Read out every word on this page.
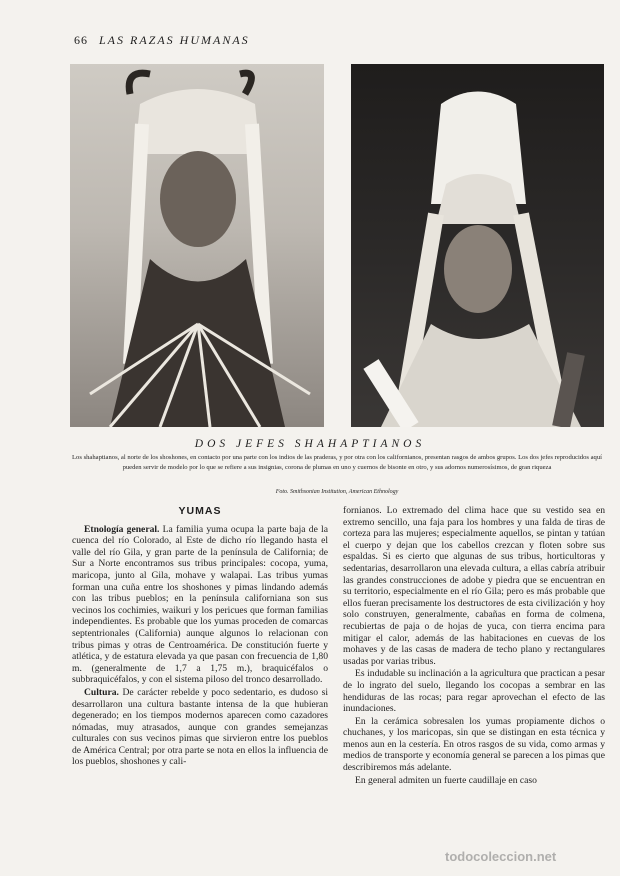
66 LAS RAZAS HUMANAS
DOS JEFES SHAHAPTIANOS
Los shahaptianos, al norte de los shoshones, en contacto por una parte con los indios de las praderas, y por otra con los californianos, presentan rasgos de ambos grupos. Los dos jefes reproducidos aquí pueden servir de modelo por lo que se refiere a sus insignias, corona de plumas en uno y cuernos de bisonte en otro, y sus adornos numerosísimos, de gran riqueza
Foto. Smithsonian Institution, American Ethnology
YUMAS

Etnología general. La familia yuma ocupa la parte baja de la cuenca del río Colorado, al Este de dicho río llegando hasta el valle del río Gila, y gran parte de la península de California; de Sur a Norte encontramos sus tribus principales: cocopa, yuma, maricopa, junto al Gila, mohave y walapai. Las tribus yumas forman una cuña entre los shoshones y pimas lindando además con las tribus pueblos; en la península californiana son sus vecinos los cochimies, waikuri y los pericues que forman familias independientes. Es probable que los yumas proceden de comarcas septentrionales (California) aunque algunos lo relacionan con tribus pimas y otras de Centroamérica. De constitución fuerte y atlética, y de estatura elevada ya que pasan con frecuencia de 1,80 m. (generalmente de 1,7 a 1,75 m.), braquicéfalos o subbraquicéfalos, y con el sistema piloso del tronco desarrollado.

Cultura. De carácter rebelde y poco sedentario, es dudoso si desarrollaron una cultura bastante intensa de la que hubieran degenerado; en los tiempos modernos aparecen como cazadores nómadas, muy atrasados, aunque con grandes semejanzas culturales con sus vecinos pimas que sirvieron entre los pueblos de América Central; por otra parte se nota en ellos la influencia de los pueblos, shoshones y cali-

fornianos. Lo extremado del clima hace que su vestido sea en extremo sencillo, una faja para los hombres y una falda de tiras de corteza para las mujeres; especialmente aquellos, se pintan y tatúan el cuerpo y dejan que los cabellos crezcan y floten sobre sus espaldas. Si es cierto que algunas de sus tribus, horticultoras y sedentarias, desarrollaron una elevada cultura, a ellas cabría atribuir las grandes construcciones de adobe y piedra que se encuentran en su territorio, especialmente en el río Gila; pero es más probable que ellos fueran precisamente los destructores de esta civilización y hoy solo construyen, generalmente, cabañas en forma de colmena, recubiertas de paja o de hojas de yuca, con tierra encima para mitigar el calor, además de las habitaciones en cuevas de los mohaves y de las casas de madera de techo plano y rectangulares usadas por varias tribus.

Es indudable su inclinación a la agricultura que practican a pesar de lo ingrato del suelo, llegando los cocopas a sembrar en las hendiduras de las rocas; para regar aprovechan el efecto de las inundaciones.

En la cerámica sobresalen los yumas propiamente dichos o chuchanes, y los maricopas, sin que se distingan en esta técnica y menos aun en la cestería. En otros rasgos de su vida, como armas y medios de transporte y economía general se parecen a los pimas que describiremos más adelante.

En general admiten un fuerte caudillaje en caso

todocoleccion.net
